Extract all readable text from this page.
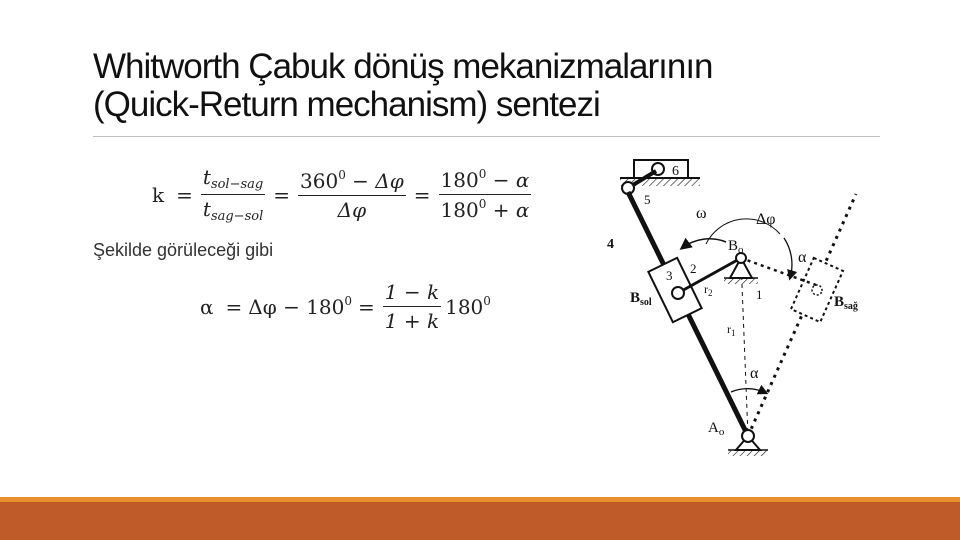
Whitworth Çabuk dönüş mekanizmalarının
(Quick-Return mechanism) sentezi
$k = \frac{t_{sol-sag}}{t_{sag-sol}} = \frac{360^0 - \Delta\varphi}{\Delta\varphi} = \frac{180^0 - \alpha}{180^0 + \alpha}$
Şekilde görüleceği gibi
$\alpha = \Delta\varphi - 180^0 = \frac{1 - k}{1 + k} 180^0$
6
5
4
3 2
$B_o$
ω	Δφ
α
α
$r_2$	1
$r_1$
$B_{sol}$	$B_{sağ}$
$A_o$
